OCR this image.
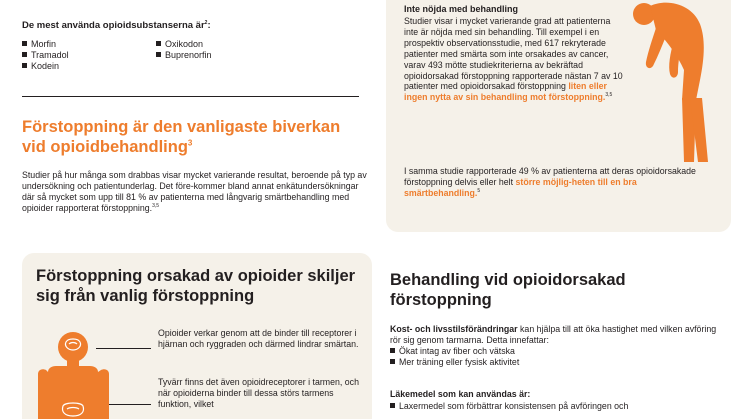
De mest använda opioidsubstanserna $är^2$:
Morfin
Tramadol
Kodein
Oxikodon
Buprenorfin
Förstoppning är den vanligaste biverkan vid opioidbehandling$^3$
Studier på hur många som drabbas visar mycket varierande resultat, beroende på typ av undersökning och patientunderlag. Det före-kommer bland annat enkätundersökningar där så mycket som upp till 81 % av patienterna med långvarig smärtbehandling med opioider rapporterat förstoppning.$^{3,5}$
Inte nöjda med behandling
Studier visar i mycket varierande grad att patienterna inte är nöjda med sin behandling. Till exempel i en prospektiv observationsstudie, med 617 rekryterade patienter med smärta som inte orsakades av cancer, varav 493 mötte studiekriterierna av bekräftad opioidorsakad förstoppning rapporterade nästan 7 av 10 patienter med opioidorsakad förstoppning liten eller ingen nytta av sin behandling mot förstoppning.$^{3,5}$
I samma studie rapporterade 49 % av patienterna att deras opioidorsakade förstoppning delvis eller helt större möjlig-heten till en bra smärtbehandling.$^5$
Förstoppning orsakad av opioider skiljer sig från vanlig förstoppning
Opioider verkar genom att de binder till receptorer i hjärnan och ryggraden och därmed lindrar smärtan.
Tyvärr finns det även opioidreceptorer i tarmen, och när opioiderna binder till dessa störs tarmens funktion, vilket
Behandling vid opioidorsakad förstoppning
Kost- och livsstilsförändringar kan hjälpa till att öka hastighet med vilken avföring rör sig genom tarmarna. Detta innefattar:
Ökat intag av fiber och vätska
Mer träning eller fysisk aktivitet
Läkemedel som kan användas är:
Laxermedel som förbättrar konsistensen på avföringen och
